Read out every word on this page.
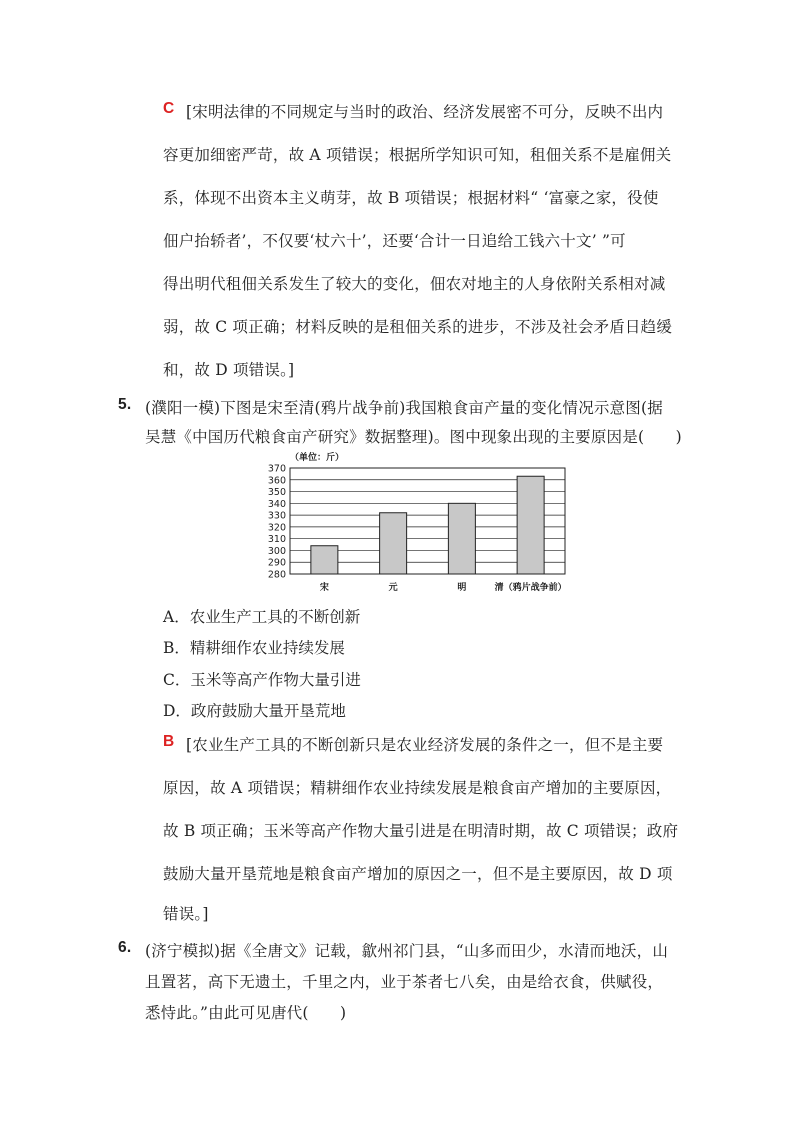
C [宋明法律的不同规定与当时的政治、经济发展密不可分，反映不出内
容更加细密严苛，故 A 项错误；根据所学知识可知，租佃关系不是雇佣关
系，体现不出资本主义萌芽，故 B 项错误；根据材料“ ‘富豪之家，役使
佃户抬轿者’，不仅要‘杖六十’，还要‘合计一日追给工钱六十文’ ”可
得出明代租佃关系发生了较大的变化，佃农对地主的人身依附关系相对减
弱，故 C 项正确；材料反映的是租佃关系的进步，不涉及社会矛盾日趋缓
和，故 D 项错误。]
5. (濮阳一模)下图是宋至清(鸦片战争前)我国粮食亩产量的变化情况示意图(据
吴慧《中国历代粮食亩产研究》数据整理)。图中现象出现的主要原因是(　　)
（单位：斤）
280
290
300
310
320
330
340
350
360
370
宋	元	明	清（鸦片战争前）
A．农业生产工具的不断创新
B．精耕细作农业持续发展
C．玉米等高产作物大量引进
D．政府鼓励大量开垦荒地
B [农业生产工具的不断创新只是农业经济发展的条件之一，但不是主要
原因，故 A 项错误；精耕细作农业持续发展是粮食亩产增加的主要原因，
故 B 项正确；玉米等高产作物大量引进是在明清时期，故 C 项错误；政府
鼓励大量开垦荒地是粮食亩产增加的原因之一，但不是主要原因，故 D 项
错误。]
6. (济宁模拟)据《全唐文》记载，歙州祁门县，“山多而田少，水清而地沃，山
且置茗，高下无遗土，千里之内，业于茶者七八矣，由是给衣食，供赋役，
悉恃此。”由此可见唐代(　　)
